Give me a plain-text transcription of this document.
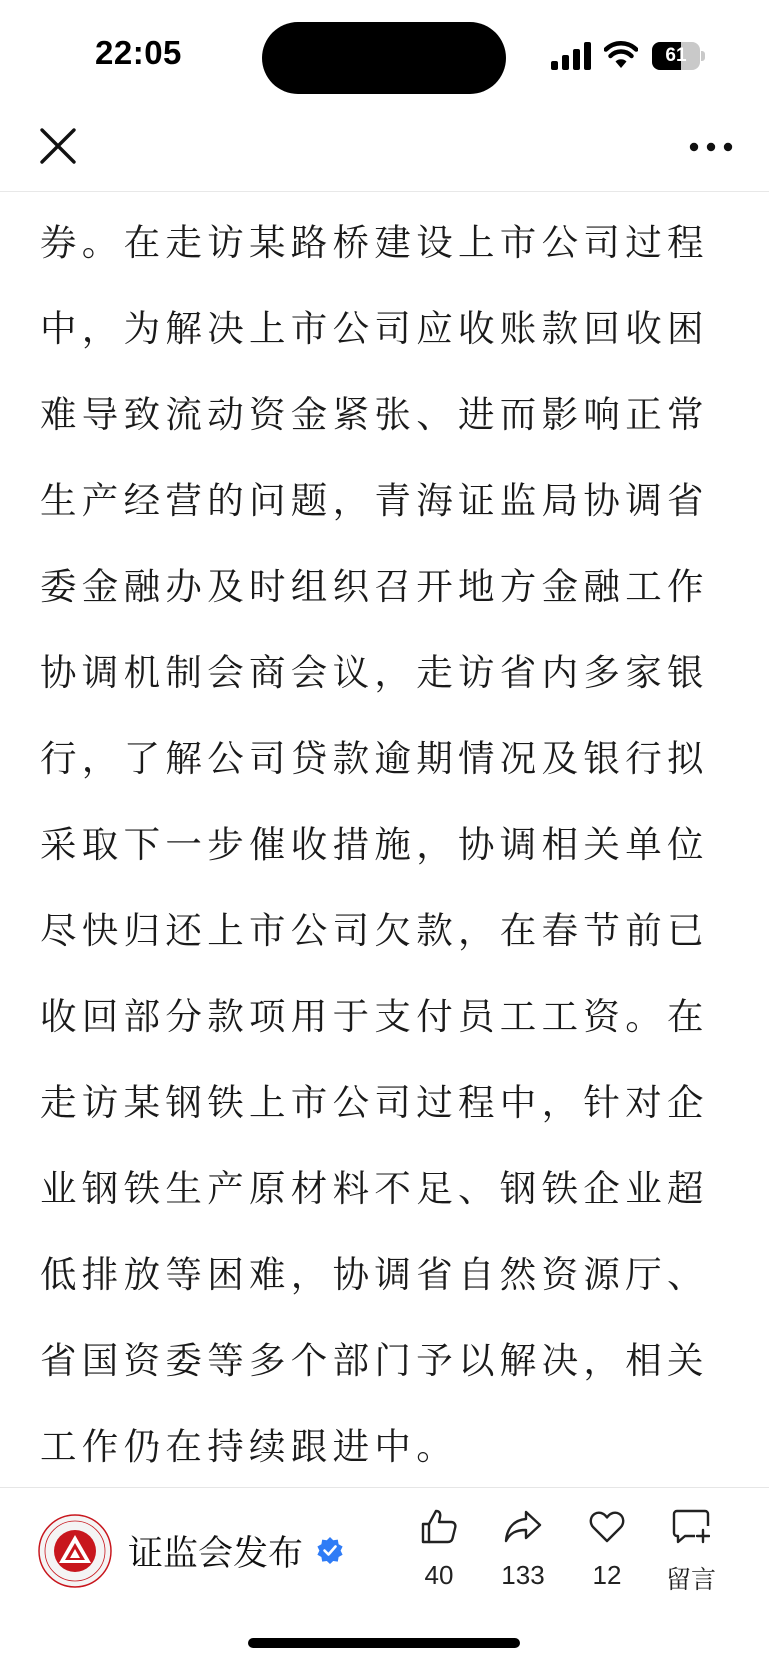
22:05	61
券。在走访某路桥建设上市公司过程
中，为解决上市公司应收账款回收困
难导致流动资金紧张、进而影响正常
生产经营的问题，青海证监局协调省
委金融办及时组织召开地方金融工作
协调机制会商会议，走访省内多家银
行，了解公司贷款逾期情况及银行拟
采取下一步催收措施，协调相关单位
尽快归还上市公司欠款，在春节前已
收回部分款项用于支付员工工资。在
走访某钢铁上市公司过程中，针对企
业钢铁生产原材料不足、钢铁企业超
低排放等困难，协调省自然资源厅、
省国资委等多个部门予以解决，相关
工作仍在持续跟进中。
证监会发布
40	133	12	留言
